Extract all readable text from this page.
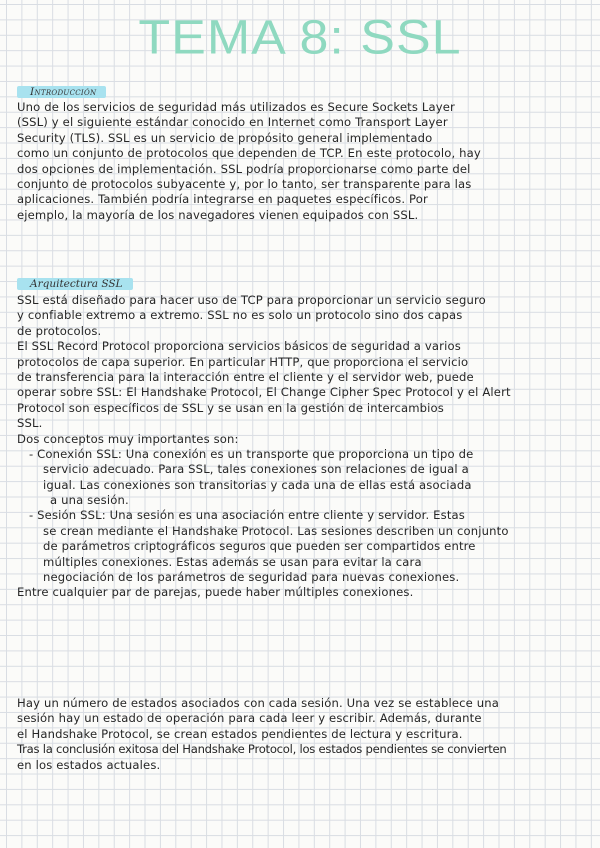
TEMA 8: SSL
Introducción
Uno de los servicios de seguridad más utilizados es Secure Sockets Layer
(SSL) y el siguiente estándar conocido en Internet como Transport Layer
Security (TLS). SSL es un servicio de propósito general implementado
como un conjunto de protocolos que dependen de TCP. En este protocolo, hay
dos opciones de implementación. SSL podría proporcionarse como parte del
conjunto de protocolos subyacente y, por lo tanto, ser transparente para las
aplicaciones. También podría integrarse en paquetes específicos. Por
ejemplo, la mayoría de los navegadores vienen equipados con SSL.
Arquitectura SSL
SSL está diseñado para hacer uso de TCP para proporcionar un servicio seguro
y confiable extremo a extremo. SSL no es solo un protocolo sino dos capas
de protocolos.
El SSL Record Protocol proporciona servicios básicos de seguridad a varios
protocolos de capa superior. En particular HTTP, que proporciona el servicio
de transferencia para la interacción entre el cliente y el servidor web, puede
operar sobre SSL: El Handshake Protocol, El Change Cipher Spec Protocol y el Alert
Protocol son específicos de SSL y se usan en la gestión de intercambios
SSL.
Dos conceptos muy importantes son:
- Conexión SSL: Una conexión es un transporte que proporciona un tipo de
servicio adecuado. Para SSL, tales conexiones son relaciones de igual a
igual. Las conexiones son transitorias y cada una de ellas está asociada
a una sesión.
- Sesión SSL: Una sesión es una asociación entre cliente y servidor. Estas
se crean mediante el Handshake Protocol. Las sesiones describen un conjunto
de parámetros criptográficos seguros que pueden ser compartidos entre
múltiples conexiones. Estas además se usan para evitar la cara
negociación de los parámetros de seguridad para nuevas conexiones.
Entre cualquier par de parejas, puede haber múltiples conexiones.
Hay un número de estados asociados con cada sesión. Una vez se establece una
sesión hay un estado de operación para cada leer y escribir. Además, durante
el Handshake Protocol, se crean estados pendientes de lectura y escritura.
Tras la conclusión exitosa del Handshake Protocol, los estados pendientes se convierten
en los estados actuales.
